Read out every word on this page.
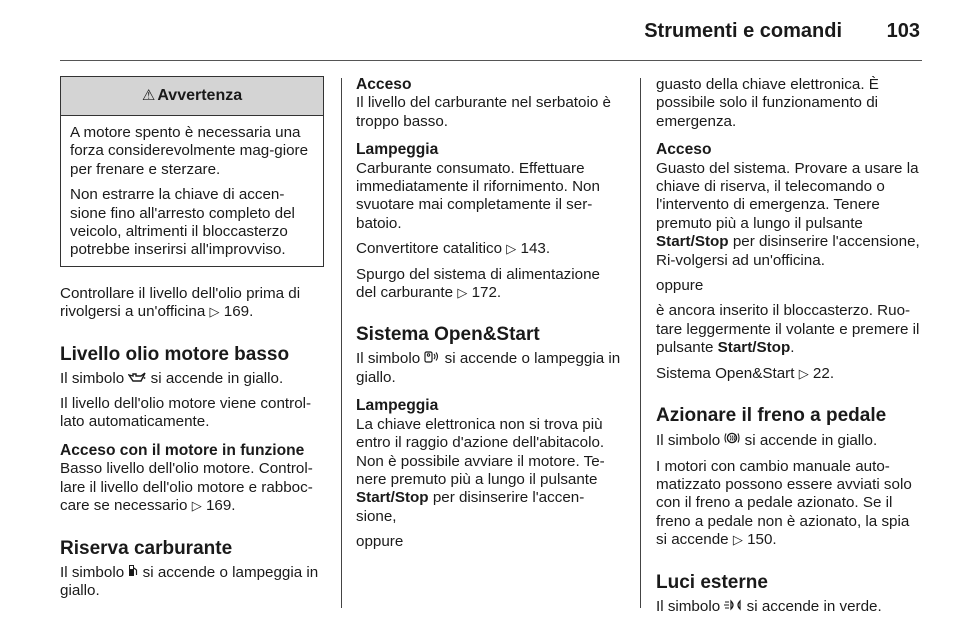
Strumenti e comandi 103
⚠ Avvertenza

A motore spento è necessaria una forza considerevolmente mag-giore per frenare e sterzare.

Non estrarre la chiave di accen-sione fino all'arresto completo del veicolo, altrimenti il bloccasterzo potrebbe inserirsi all'improvviso.

Controllare il livello dell'olio prima di rivolgersi a un'officina ▷ 169.

Livello olio motore basso

Il simbolo si accende in giallo.

Il livello dell'olio motore viene control-lato automaticamente.

Acceso con il motore in funzione

Basso livello dell'olio motore. Control-lare il livello dell'olio motore e rabboc-care se necessario ▷ 169.

Riserva carburante

Il simbolo si accende o lampeggia in giallo.

Acceso

Il livello del carburante nel serbatoio è troppo basso.

Lampeggia

Carburante consumato. Effettuare immediatamente il rifornimento. Non svuotare mai completamente il ser-batoio.

Convertitore catalitico ▷ 143.

Spurgo del sistema di alimentazione del carburante ▷ 172.

Sistema Open&Start

Il simbolo si accende o lampeggia in giallo.

Lampeggia

La chiave elettronica non si trova più entro il raggio d'azione dell'abitacolo. Non è possibile avviare il motore. Te-nere premuto più a lungo il pulsante Start/Stop per disinserire l'accen-sione,

oppure

guasto della chiave elettronica. È possibile solo il funzionamento di emergenza.

Acceso

Guasto del sistema. Provare a usare la chiave di riserva, il telecomando o l'intervento di emergenza. Tenere premuto più a lungo il pulsante Start/Stop per disinserire l'accensione, Ri-volgersi ad un'officina.

oppure

è ancora inserito il bloccasterzo. Ruo-tare leggermente il volante e premere il pulsante Start/Stop.

Sistema Open&Start ▷ 22.

Azionare il freno a pedale

Il simbolo si accende in giallo.

I motori con cambio manuale auto-matizzato possono essere avviati solo con il freno a pedale azionato. Se il freno a pedale non è azionato, la spia si accende ▷ 150.

Luci esterne

Il simbolo si accende in verde.
